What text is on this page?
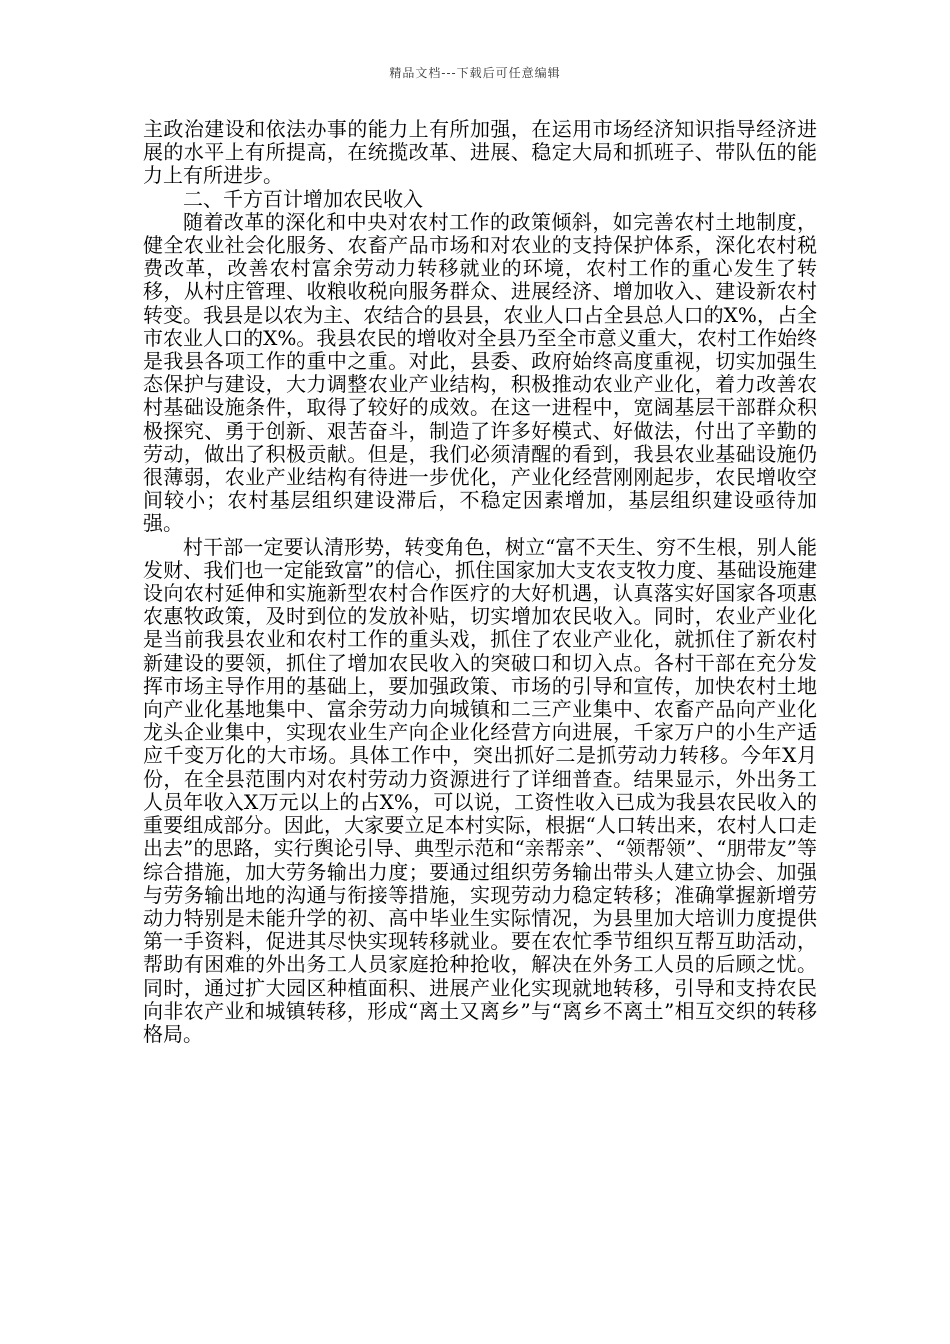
精品文档---下载后可任意编辑

主政治建设和依法办事的能力上有所加强，在运用市场经济知识指导经济进展的水平上有所提高，在统揽改革、进展、稳定大局和抓班子、带队伍的能力上有所进步。

二、千方百计增加农民收入

随着改革的深化和中央对农村工作的政策倾斜，如完善农村土地制度，健全农业社会化服务、农畜产品市场和对农业的支持保护体系，深化农村税费改革，改善农村富余劳动力转移就业的环境，农村工作的重心发生了转移，从村庄管理、收粮收税向服务群众、进展经济、增加收入、建设新农村转变。我县是以农为主、农结合的县县，农业人口占全县总人口的X%，占全市农业人口的X%。我县农民的增收对全县乃至全市意义重大，农村工作始终是我县各项工作的重中之重。对此，县委、政府始终高度重视，切实加强生态保护与建设，大力调整农业产业结构，积极推动农业产业化，着力改善农村基础设施条件，取得了较好的成效。在这一进程中，宽阔基层干部群众积极探究、勇于创新、艰苦奋斗，制造了许多好模式、好做法，付出了辛勤的劳动，做出了积极贡献。但是，我们必须清醒的看到，我县农业基础设施仍很薄弱，农业产业结构有待进一步优化，产业化经营刚刚起步，农民增收空间较小；农村基层组织建设滞后，不稳定因素增加，基层组织建设亟待加强。

村干部一定要认清形势，转变角色，树立“富不天生、穷不生根，别人能发财、我们也一定能致富”的信心，抓住国家加大支农支牧力度、基础设施建设向农村延伸和实施新型农村合作医疗的大好机遇，认真落实好国家各项惠农惠牧政策，及时到位的发放补贴，切实增加农民收入。同时，农业产业化是当前我县农业和农村工作的重头戏，抓住了农业产业化，就抓住了新农村新建设的要领，抓住了增加农民收入的突破口和切入点。各村干部在充分发挥市场主导作用的基础上，要加强政策、市场的引导和宣传，加快农村土地向产业化基地集中、富余劳动力向城镇和二三产业集中、农畜产品向产业化龙头企业集中，实现农业生产向企业化经营方向进展，千家万户的小生产适应千变万化的大市场。具体工作中，突出抓好二是抓劳动力转移。今年X月份，在全县范围内对农村劳动力资源进行了详细普查。结果显示，外出务工人员年收入X万元以上的占X%，可以说，工资性收入已成为我县农民收入的重要组成部分。因此，大家要立足本村实际，根据“人口转出来，农村人口走出去”的思路，实行舆论引导、典型示范和“亲帮亲”、“领帮领”、“朋带友”等综合措施，加大劳务输出力度；要通过组织劳务输出带头人建立协会、加强与劳务输出地的沟通与衔接等措施，实现劳动力稳定转移；准确掌握新增劳动力特别是未能升学的初、高中毕业生实际情况，为县里加大培训力度提供第一手资料，促进其尽快实现转移就业。要在农忙季节组织互帮互助活动，帮助有困难的外出务工人员家庭抢种抢收，解决在外务工人员的后顾之忧。同时，通过扩大园区种植面积、进展产业化实现就地转移，引导和支持农民向非农产业和城镇转移，形成“离土又离乡”与“离乡不离土”相互交织的转移格局。
